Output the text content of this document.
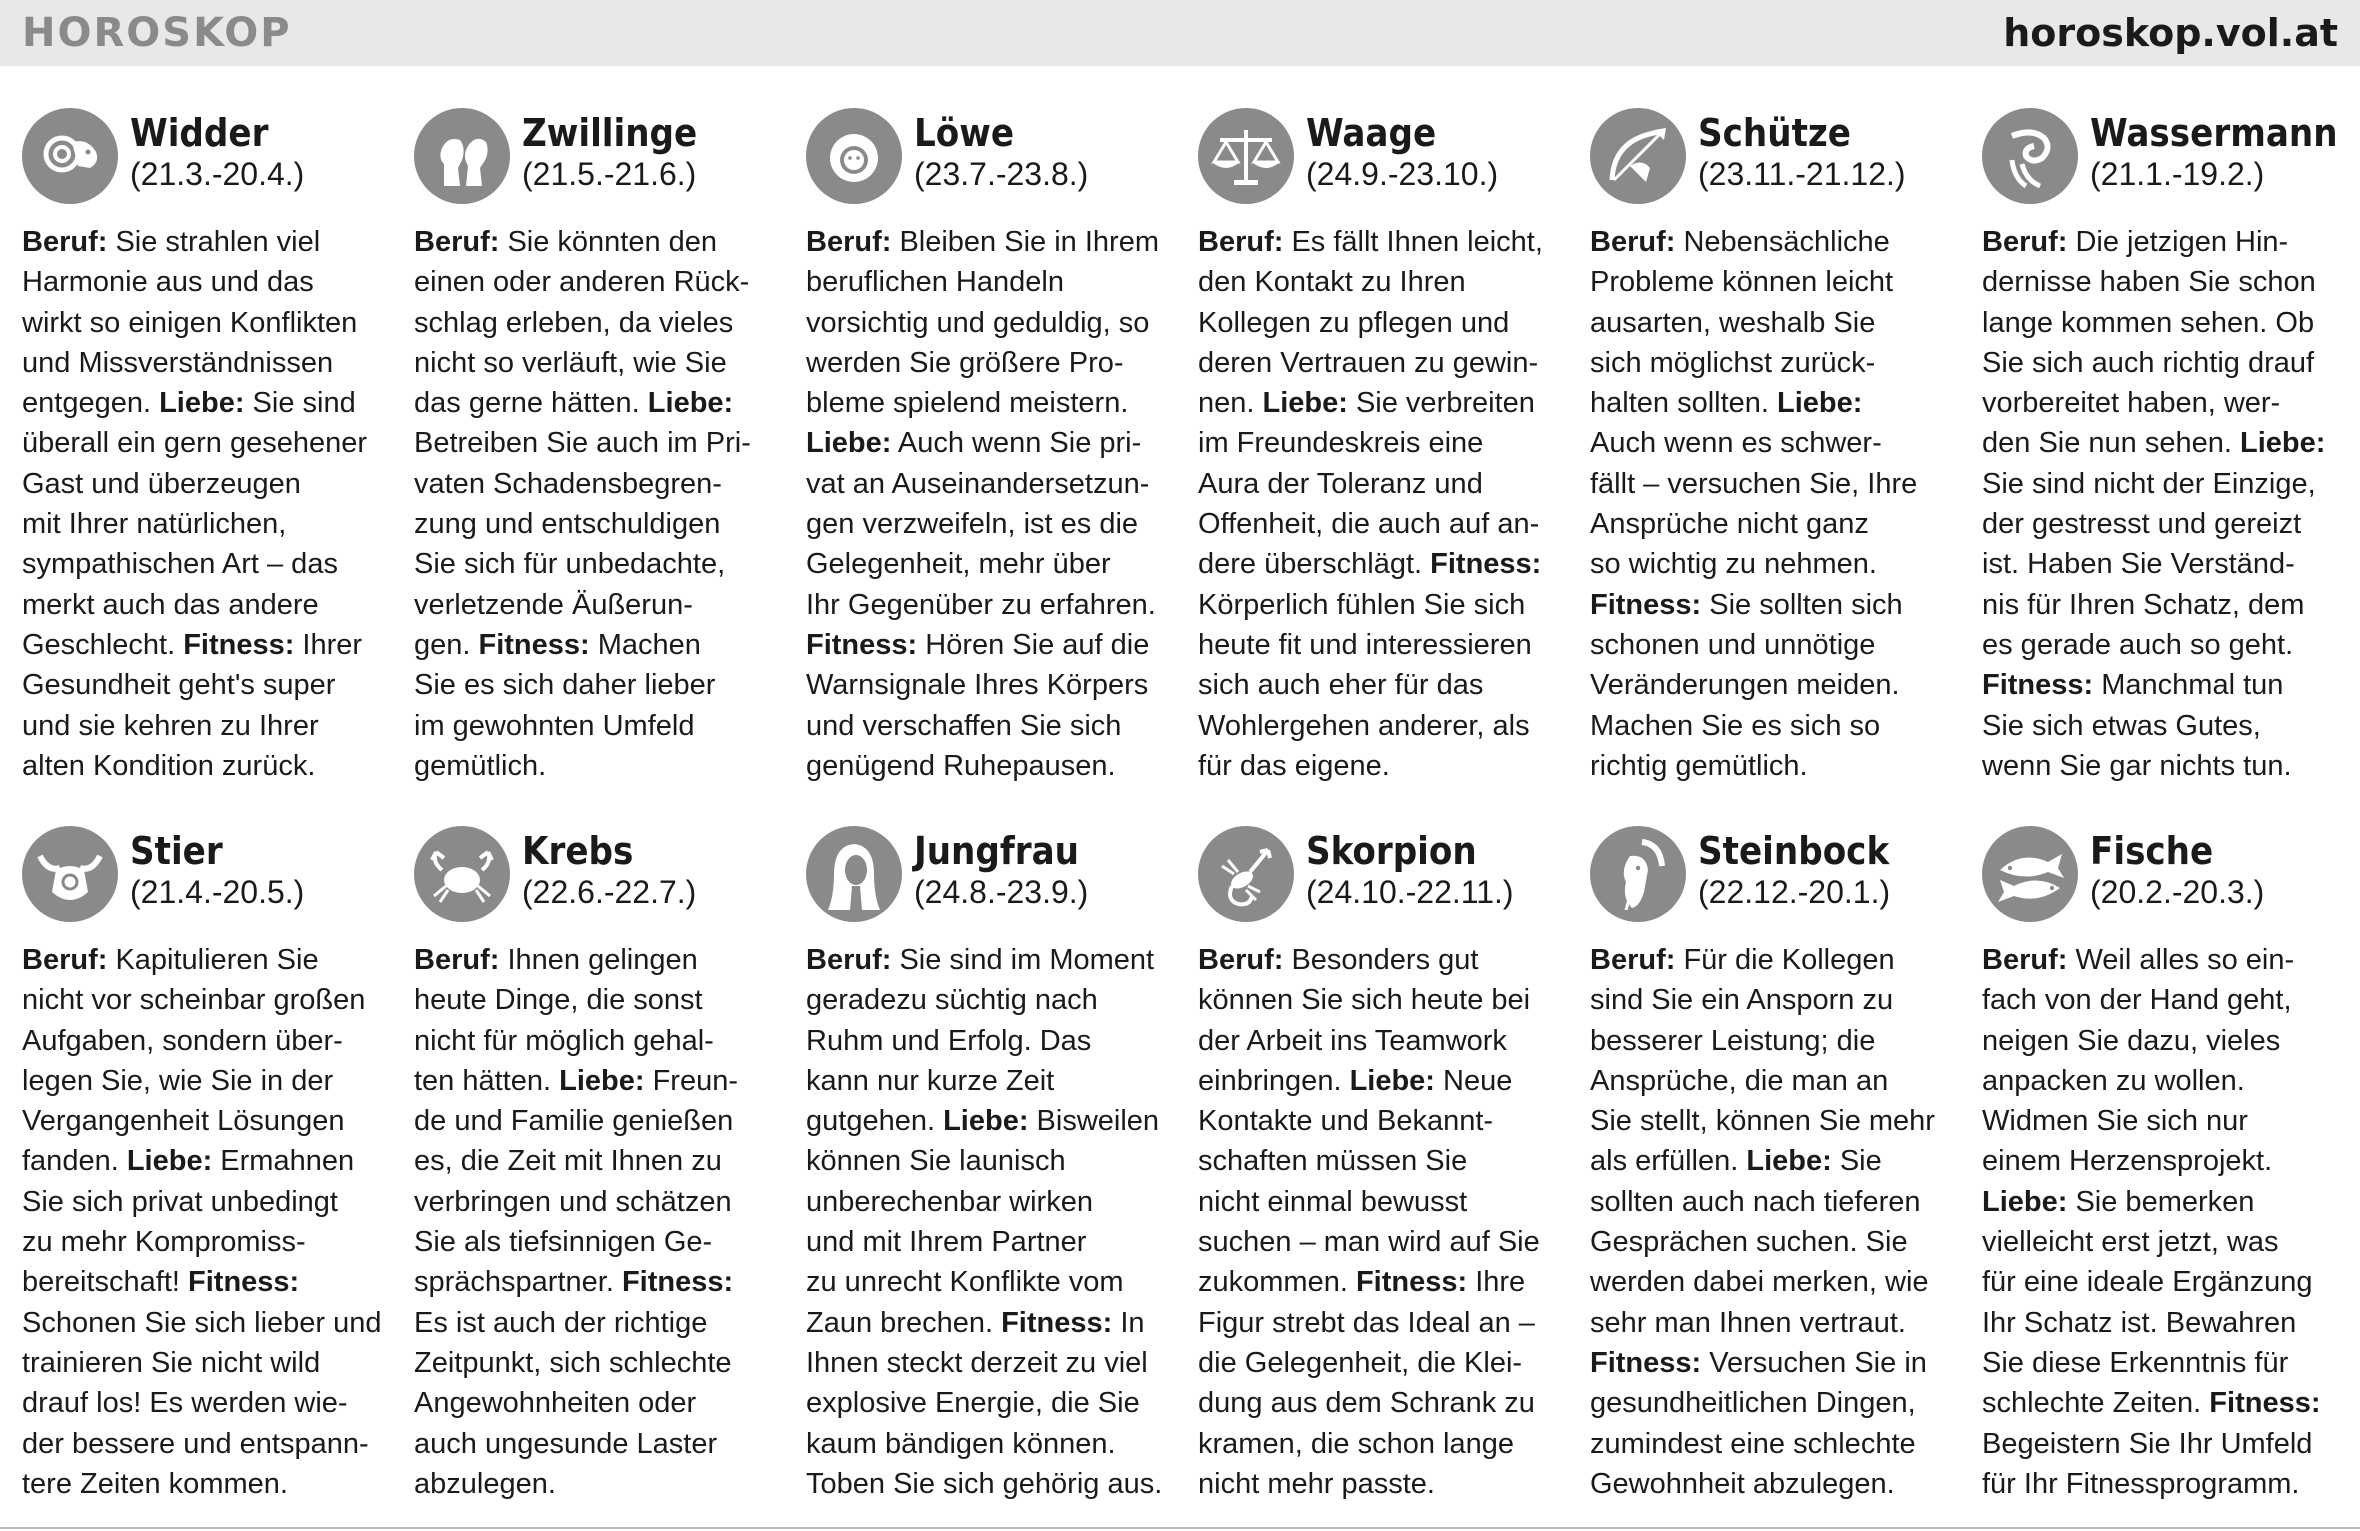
HOROSKOP	horoskop.vol.at
Widder
(21.3.-20.4.)
Beruf: Sie strahlen viel
Harmonie aus und das
wirkt so einigen Konflikten
und Missverständnissen
entgegen. Liebe: Sie sind
überall ein gern gesehener
Gast und überzeugen
mit Ihrer natürlichen,
sympathischen Art – das
merkt auch das andere
Geschlecht. Fitness: Ihrer
Gesundheit geht's super
und sie kehren zu Ihrer
alten Kondition zurück.
Zwillinge
(21.5.-21.6.)
Beruf: Sie könnten den
einen oder anderen Rück-
schlag erleben, da vieles
nicht so verläuft, wie Sie
das gerne hätten. Liebe:
Betreiben Sie auch im Pri-
vaten Schadensbegren-
zung und entschuldigen
Sie sich für unbedachte,
verletzende Äußerun-
gen. Fitness: Machen
Sie es sich daher lieber
im gewohnten Umfeld
gemütlich.
Löwe
(23.7.-23.8.)
Beruf: Bleiben Sie in Ihrem
beruflichen Handeln
vorsichtig und geduldig, so
werden Sie größere Pro-
bleme spielend meistern.
Liebe: Auch wenn Sie pri-
vat an Auseinandersetzun-
gen verzweifeln, ist es die
Gelegenheit, mehr über
Ihr Gegenüber zu erfahren.
Fitness: Hören Sie auf die
Warnsignale Ihres Körpers
und verschaffen Sie sich
genügend Ruhepausen.
Waage
(24.9.-23.10.)
Beruf: Es fällt Ihnen leicht,
den Kontakt zu Ihren
Kollegen zu pflegen und
deren Vertrauen zu gewin-
nen. Liebe: Sie verbreiten
im Freundeskreis eine
Aura der Toleranz und
Offenheit, die auch auf an-
dere überschlägt. Fitness:
Körperlich fühlen Sie sich
heute fit und interessieren
sich auch eher für das
Wohlergehen anderer, als
für das eigene.
Schütze
(23.11.-21.12.)
Beruf: Nebensächliche
Probleme können leicht
ausarten, weshalb Sie
sich möglichst zurück-
halten sollten. Liebe:
Auch wenn es schwer-
fällt – versuchen Sie, Ihre
Ansprüche nicht ganz
so wichtig zu nehmen.
Fitness: Sie sollten sich
schonen und unnötige
Veränderungen meiden.
Machen Sie es sich so
richtig gemütlich.
Wassermann
(21.1.-19.2.)
Beruf: Die jetzigen Hin-
dernisse haben Sie schon
lange kommen sehen. Ob
Sie sich auch richtig drauf
vorbereitet haben, wer-
den Sie nun sehen. Liebe:
Sie sind nicht der Einzige,
der gestresst und gereizt
ist. Haben Sie Verständ-
nis für Ihren Schatz, dem
es gerade auch so geht.
Fitness: Manchmal tun
Sie sich etwas Gutes,
wenn Sie gar nichts tun.
Stier
(21.4.-20.5.)
Beruf: Kapitulieren Sie
nicht vor scheinbar großen
Aufgaben, sondern über-
legen Sie, wie Sie in der
Vergangenheit Lösungen
fanden. Liebe: Ermahnen
Sie sich privat unbedingt
zu mehr Kompromiss-
bereitschaft! Fitness:
Schonen Sie sich lieber und
trainieren Sie nicht wild
drauf los! Es werden wie-
der bessere und entspann-
tere Zeiten kommen.
Krebs
(22.6.-22.7.)
Beruf: Ihnen gelingen
heute Dinge, die sonst
nicht für möglich gehal-
ten hätten. Liebe: Freun-
de und Familie genießen
es, die Zeit mit Ihnen zu
verbringen und schätzen
Sie als tiefsinnigen Ge-
sprächspartner. Fitness:
Es ist auch der richtige
Zeitpunkt, sich schlechte
Angewohnheiten oder
auch ungesunde Laster
abzulegen.
Jungfrau
(24.8.-23.9.)
Beruf: Sie sind im Moment
geradezu süchtig nach
Ruhm und Erfolg. Das
kann nur kurze Zeit
gutgehen. Liebe: Bisweilen
können Sie launisch
unberechenbar wirken
und mit Ihrem Partner
zu unrecht Konflikte vom
Zaun brechen. Fitness: In
Ihnen steckt derzeit zu viel
explosive Energie, die Sie
kaum bändigen können.
Toben Sie sich gehörig aus.
Skorpion
(24.10.-22.11.)
Beruf: Besonders gut
können Sie sich heute bei
der Arbeit ins Teamwork
einbringen. Liebe: Neue
Kontakte und Bekannt-
schaften müssen Sie
nicht einmal bewusst
suchen – man wird auf Sie
zukommen. Fitness: Ihre
Figur strebt das Ideal an –
die Gelegenheit, die Klei-
dung aus dem Schrank zu
kramen, die schon lange
nicht mehr passte.
Steinbock
(22.12.-20.1.)
Beruf: Für die Kollegen
sind Sie ein Ansporn zu
besserer Leistung; die
Ansprüche, die man an
Sie stellt, können Sie mehr
als erfüllen. Liebe: Sie
sollten auch nach tieferen
Gesprächen suchen. Sie
werden dabei merken, wie
sehr man Ihnen vertraut.
Fitness: Versuchen Sie in
gesundheitlichen Dingen,
zumindest eine schlechte
Gewohnheit abzulegen.
Fische
(20.2.-20.3.)
Beruf: Weil alles so ein-
fach von der Hand geht,
neigen Sie dazu, vieles
anpacken zu wollen.
Widmen Sie sich nur
einem Herzensprojekt.
Liebe: Sie bemerken
vielleicht erst jetzt, was
für eine ideale Ergänzung
Ihr Schatz ist. Bewahren
Sie diese Erkenntnis für
schlechte Zeiten. Fitness:
Begeistern Sie Ihr Umfeld
für Ihr Fitnessprogramm.
